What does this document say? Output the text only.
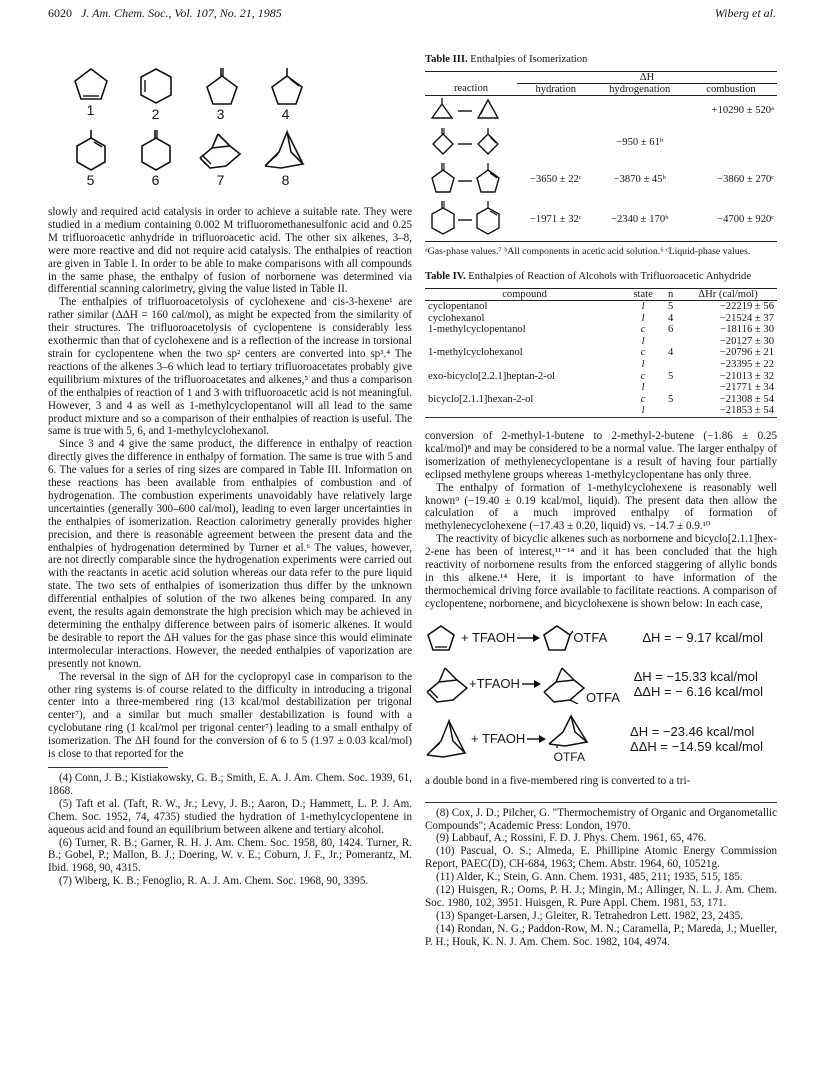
6020 J. Am. Chem. Soc., Vol. 107, No. 21, 1985	Wiberg et al.
1	2	3	4
5	6	7	8

slowly and required acid catalysis in order to achieve a suitable rate. They were studied in a medium containing 0.002 M trifluoromethanesulfonic acid and 0.25 M trifluoroacetic anhydride in trifluoroacetic acid. The other six alkenes, 3–8, were more reactive and did not require acid catalysis. The enthalpies of reaction are given in Table I. In order to be able to make comparisons with all compounds in the same phase, the enthalpy of fusion of norbornene was determined via differential scanning calorimetry, giving the value listed in Table II.

The enthalpies of trifluoroacetolysis of cyclohexene and cis-3-hexene¹ are rather similar (ΔΔH = 160 cal/mol), as might be expected from the similarity of their structures. The trifluoroacetolysis of cyclopentene is considerably less exothermic than that of cyclohexene and is a reflection of the increase in torsional strain for cyclopentene when the two sp² centers are converted into sp³.⁴ The reactions of the alkenes 3–6 which lead to tertiary trifluoroacetates probably give equilibrium mixtures of the trifluoroacetates and alkenes,⁵ and thus a comparison of the enthalpies of reaction of 1 and 3 with trifluoroacetic acid is not meaningful. However, 3 and 4 as well as 1-methylcyclopentanol will all lead to the same product mixture and so a comparison of their enthalpies of reaction is useful. The same is true with 5, 6, and 1-methylcyclohexanol.

Since 3 and 4 give the same product, the difference in enthalpy of reaction directly gives the difference in enthalpy of formation. The same is true with 5 and 6. The values for a series of ring sizes are compared in Table III. Information on these reactions has been available from enthalpies of combustion and of hydrogenation. The combustion experiments unavoidably have relatively large uncertainties (generally 300–600 cal/mol), leading to even larger uncertainties in the enthalpies of isomerization. Reaction calorimetry generally provides higher precision, and there is reasonable agreement between the present data and the enthalpies of hydrogenation determined by Turner et al.⁶ The values, however, are not directly comparable since the hydrogenation experiments were carried out with the reactants in acetic acid solution whereas our data refer to the pure liquid state. The two sets of enthalpies of isomerization thus differ by the unknown differential enthalpies of solution of the two alkenes being compared. In any event, the results again demonstrate the high precision which may be achieved in determining the enthalpy difference between pairs of isomeric alkenes. It would be desirable to report the ΔH values for the gas phase since this would eliminate intermolecular interactions. However, the needed enthalpies of vaporization are presently not known.

The reversal in the sign of ΔH for the cyclopropyl case in comparison to the other ring systems is of course related to the difficulty in introducing a trigonal center into a three-membered ring (13 kcal/mol destabilization per trigonal center⁷), and a similar but much smaller destabilization is found with a cyclobutane ring (1 kcal/mol per trigonal center⁷) leading to a small enthalpy of isomerization. The ΔH found for the conversion of 6 to 5 (1.97 ± 0.03 kcal/mol) is close to that reported for the

(4) Conn, J. B.; Kistiakowsky, G. B.; Smith, E. A. J. Am. Chem. Soc. 1939, 61, 1868.

(5) Taft et al. (Taft, R. W., Jr.; Levy, J. B.; Aaron, D.; Hammett, L. P. J. Am. Chem. Soc. 1952, 74, 4735) studied the hydration of 1-methylcyclopentene in aqueous acid and found an equilibrium between alkene and tertiary alcohol.

(6) Turner, R. B.; Garner, R. H. J. Am. Chem. Soc. 1958, 80, 1424. Turner, R. B.; Gobel, P.; Mallon, B. J.; Doering, W. v. E.; Coburn, J. F., Jr.; Pomerantz, M. Ibid. 1968, 90, 4315.

(7) Wiberg, K. B.; Fenoglio, R. A. J. Am. Chem. Soc. 1968, 90, 3395.

Table III. Enthalpies of Isomerization
	ΔH		
reaction	hydration	hydrogenation	combustion
			+10290 ± 520ᵃ
		−950 ± 61ᵇ	
	−3650 ± 22ᶜ	−3870 ± 45ᵇ	−3860 ± 270ᶜ
	−1971 ± 32ᶜ	−2340 ± 170ᵇ	−4700 ± 920ᶜ
ᵃGas-phase values.⁷ ᵇAll components in acetic acid solution.⁶ ᶜLiquid-phase values.
Table IV. Enthalpies of Reaction of Alcohols with Trifluoroacetic Anhydride
compound	state	n	ΔHr (cal/mol)
cyclopentanol	l	5	−22219 ± 56
cyclohexanol	l	4	−21524 ± 37
1-methylcyclopentanol	c	6	−18116 ± 30
	l		−20127 ± 30
1-methylcyclohexanol	c	4	−20796 ± 21
	l		−23395 ± 22
exo-bicyclo[2.2.1]heptan-2-ol	c	5	−21013 ± 32
	l		−21771 ± 34
bicyclo[2.1.1]hexan-2-ol	c	5	−21308 ± 54
	l		−21853 ± 54

conversion of 2-methyl-1-butene to 2-methyl-2-butene (−1.86 ± 0.25 kcal/mol)⁸ and may be considered to be a normal value. The larger enthalpy of isomerization of methylenecyclopentane is a result of having four partially eclipsed methylene groups whereas 1-methylcyclopentane has only three.

The enthalpy of formation of 1-methylcyclohexene is reasonably well known⁹ (−19.40 ± 0.19 kcal/mol, liquid). The present data then allow the calculation of a much improved enthalpy of formation of methylenecyclohexene (−17.43 ± 0.20, liquid) vs. −14.7 ± 0.9.¹⁰

The reactivity of bicyclic alkenes such as norbornene and bicyclo[2.1.1]hex-2-ene has been of interest,¹¹⁻¹⁴ and it has been concluded that the high reactivity of norbornene results from the enforced staggering of allylic bonds in this alkene.¹⁴ Here, it is important to have information of the thermochemical driving force available to facilitate reactions. A comparison of cyclopentene, norbornene, and bicyclohexene is shown below: In each case,

+ TFAOH	OTFA	ΔH = − 9.17 kcal/mol
+TFAOH
OTFA
ΔH = −15.33 kcal/mol
ΔΔH = − 6.16 kcal/mol
+ TFAOH
OTFA
ΔH = −23.46 kcal/mol
ΔΔH = −14.59 kcal/mol

a double bond in a five-membered ring is converted to a tri-

(8) Cox, J. D.; Pilcher, G. "Thermochemistry of Organic and Organometallic Compounds"; Academic Press: London, 1970.

(9) Labbauf, A.; Rossini, F. D. J. Phys. Chem. 1961, 65, 476.

(10) Pascual, O. S.; Almeda, E. Phillipine Atomic Energy Commission Report, PAEC(D), CH-684, 1963; Chem. Abstr. 1964, 60, 10521g.

(11) Alder, K.; Stein, G. Ann. Chem. 1931, 485, 211; 1935, 515, 185.

(12) Huisgen, R.; Ooms, P. H. J.; Mingin, M.; Allinger, N. L. J. Am. Chem. Soc. 1980, 102, 3951. Huisgen, R. Pure Appl. Chem. 1981, 53, 171.

(13) Spanget-Larsen, J.; Gleiter, R. Tetrahedron Lett. 1982, 23, 2435.

(14) Rondan, N. G.; Paddon-Row, M. N.; Caramella, P.; Mareda, J.; Mueller, P. H.; Houk, K. N. J. Am. Chem. Soc. 1982, 104, 4974.
